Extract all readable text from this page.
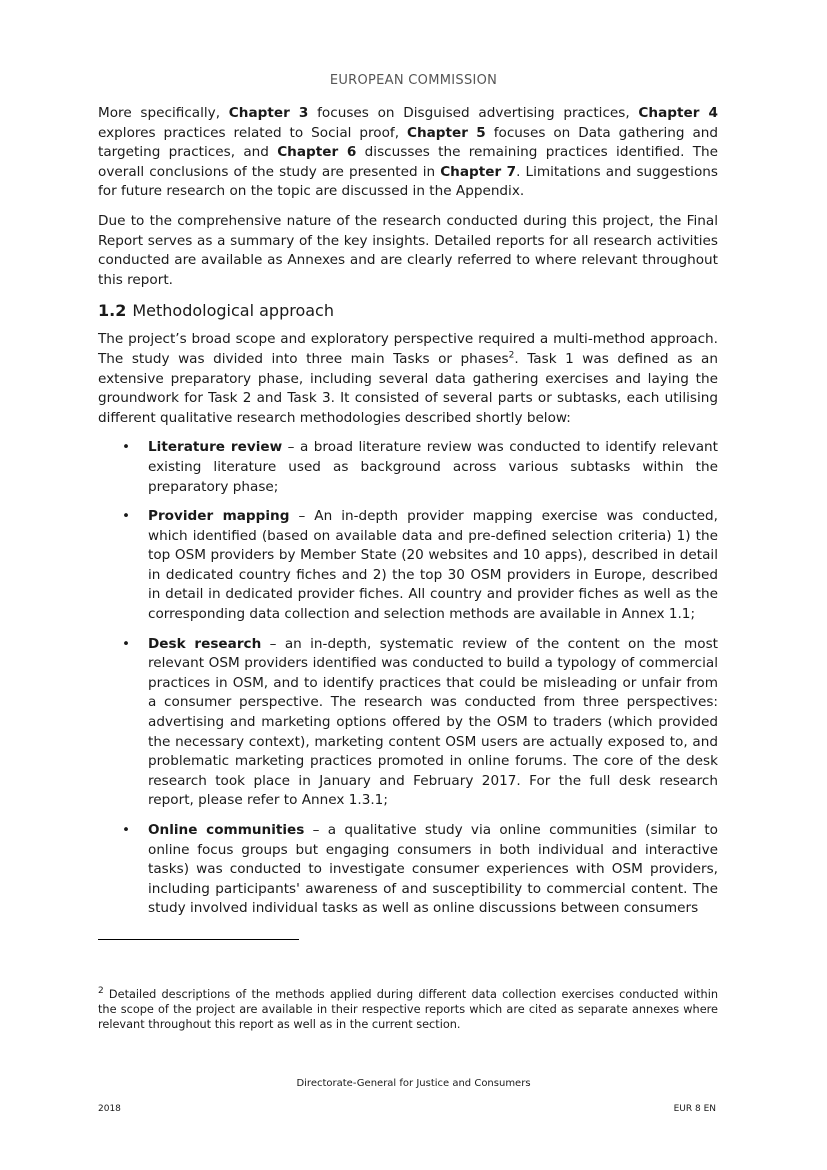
EUROPEAN COMMISSION

More specifically, Chapter 3 focuses on Disguised advertising practices, Chapter 4 explores practices related to Social proof, Chapter 5 focuses on Data gathering and targeting practices, and Chapter 6 discusses the remaining practices identified. The overall conclusions of the study are presented in Chapter 7. Limitations and suggestions for future research on the topic are discussed in the Appendix.

Due to the comprehensive nature of the research conducted during this project, the Final Report serves as a summary of the key insights. Detailed reports for all research activities conducted are available as Annexes and are clearly referred to where relevant throughout this report.

1.2 Methodological approach

The project’s broad scope and exploratory perspective required a multi-method approach. The study was divided into three main Tasks or phases$^2$. Task 1 was defined as an extensive preparatory phase, including several data gathering exercises and laying the groundwork for Task 2 and Task 3. It consisted of several parts or subtasks, each utilising different qualitative research methodologies described shortly below:

• Literature review – a broad literature review was conducted to identify relevant existing literature used as background across various subtasks within the preparatory phase;
• Provider mapping – An in-depth provider mapping exercise was conducted, which identified (based on available data and pre-defined selection criteria) 1) the top OSM providers by Member State (20 websites and 10 apps), described in detail in dedicated country fiches and 2) the top 30 OSM providers in Europe, described in detail in dedicated provider fiches. All country and provider fiches as well as the corresponding data collection and selection methods are available in Annex 1.1;
• Desk research – an in-depth, systematic review of the content on the most relevant OSM providers identified was conducted to build a typology of commercial practices in OSM, and to identify practices that could be misleading or unfair from a consumer perspective. The research was conducted from three perspectives: advertising and marketing options offered by the OSM to traders (which provided the necessary context), marketing content OSM users are actually exposed to, and problematic marketing practices promoted in online forums. The core of the desk research took place in January and February 2017. For the full desk research report, please refer to Annex 1.3.1;
• Online communities – a qualitative study via online communities (similar to online focus groups but engaging consumers in both individual and interactive tasks) was conducted to investigate consumer experiences with OSM providers, including participants' awareness of and susceptibility to commercial content. The study involved individual tasks as well as online discussions between consumers
$^2$ Detailed descriptions of the methods applied during different data collection exercises conducted within the scope of the project are available in their respective reports which are cited as separate annexes where relevant throughout this report as well as in the current section.
Directorate-General for Justice and Consumers
2018	EUR 8 EN
